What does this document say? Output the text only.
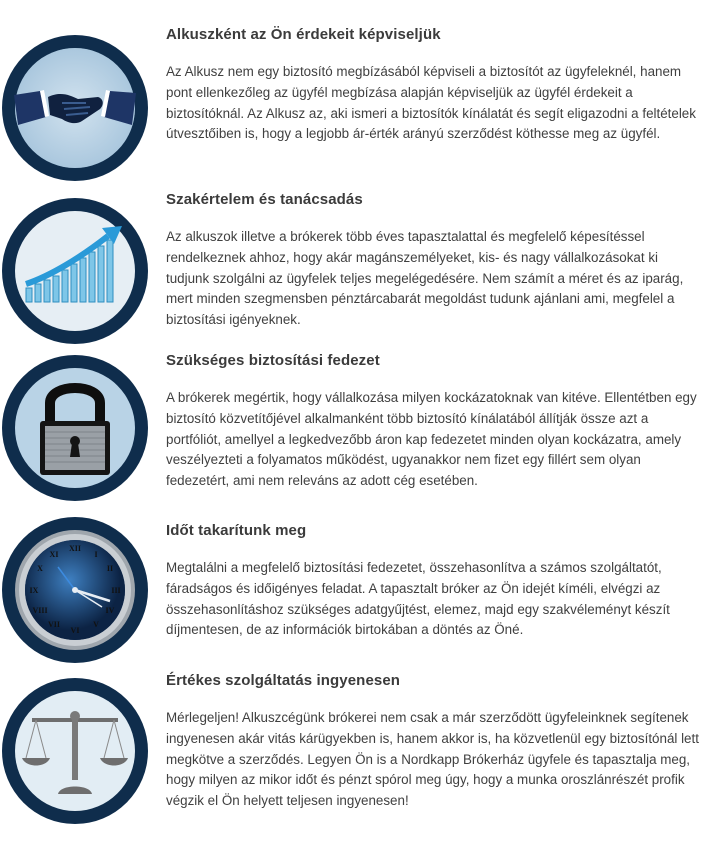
Alkuszként az Ön érdekeit képviseljük

Az Alkusz nem egy biztosító megbízásából képviseli a biztosítót az ügyfeleknél, hanem pont ellenkezőleg az ügyfél megbízása alapján képviseljük az ügyfél érdekeit a biztosítóknál. Az Alkusz az, aki ismeri a biztosítók kínálatát és segít eligazodni a feltételek útvesztőiben is, hogy a legjobb ár-érték arányú szerződést köthesse meg az ügyfél.

Szakértelem és tanácsadás

Az alkuszok illetve a brókerek több éves tapasztalattal és megfelelő képesítéssel rendelkeznek ahhoz, hogy akár magánszemélyeket, kis- és nagy vállalkozásokat ki tudjunk szolgálni az ügyfelek teljes megelégedésére. Nem számít a méret és az iparág, mert minden szegmensben pénztárcabarát megoldást tudunk ajánlani ami, megfelel a biztosítási igényeknek.

Szükséges biztosítási fedezet

A brókerek megértik, hogy vállalkozása milyen kockázatoknak van kitéve. Ellentétben egy biztosító közvetítőjével alkalmanként több biztosító kínálatából állítják össze azt a portfóliót, amellyel a legkedvezőbb áron kap fedezetet minden olyan kockázatra, amely veszélyezteti a folyamatos működést, ugyanakkor nem fizet egy fillért sem olyan fedezetért, ami nem releváns az adott cég esetében.

XII
I
II
III
IV
V
VI
VII
VIII
IX
X
XI
Időt takarítunk meg

Megtalálni a megfelelő biztosítási fedezetet, összehasonlítva a számos szolgáltatót, fáradságos és időigényes feladat. A tapasztalt bróker az Ön idejét kíméli, elvégzi az összehasonlításhoz szükséges adatgyűjtést, elemez, majd egy szakvéleményt készít díjmentesen, de az információk birtokában a döntés az Öné.

Értékes szolgáltatás ingyenesen

Mérlegeljen! Alkuszcégünk brókerei nem csak a már szerződött ügyfeleinknek segítenek ingyenesen akár vitás kárügyekben is, hanem akkor is, ha közvetlenül egy biztosítónál lett megkötve a szerződés. Legyen Ön is a Nordkapp Brókerház ügyfele és tapasztalja meg, hogy milyen az mikor időt és pénzt spórol meg úgy, hogy a munka oroszlánrészét profik végzik el Ön helyett teljesen ingyenesen!
